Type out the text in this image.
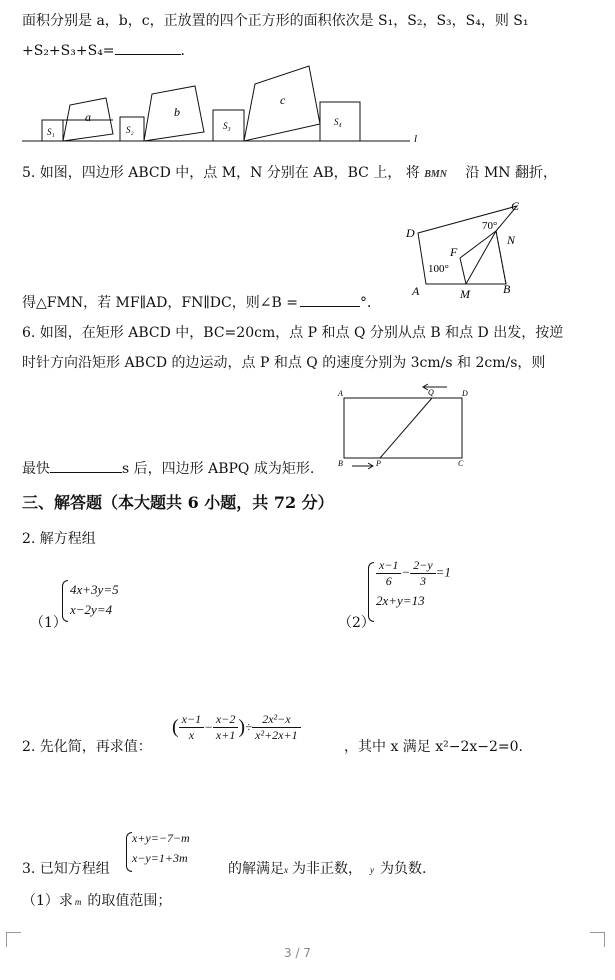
面积分别是 a，b，c，正放置的四个正方形的面积依次是 S₁，S₂，S₃，S₄，则 S₁
+S₂+S₃+S₄=	.
S₁
a
S₂
b
S₃
c
S₄
l
5. 如图，四边形 ABCD 中，点 M，N 分别在 AB，BC 上， 将 BMN 沿 MN 翻折，
D
C
N
F
A	M	B
70°
100°
得△FMN，若 MF∥AD，FN∥DC，则∠B =	°．
6. 如图，在矩形 ABCD 中，BC=20cm，点 P 和点 Q 分别从点 B 和点 D 出发，按逆
时针方向沿矩形 ABCD 的边运动，点 P 和点 Q 的速度分别为 3cm/s 和 2cm/s，则
A	Q	D
B	P	C
最快	s 后，四边形 ABPQ 成为矩形.
三、解答题（本大题共 6 小题，共 72 分）
2. 解方程组
（1）
4x+3y=5
x−2y=4
（2）
$\frac{x-1}{6} - \frac{2-y}{3} =1$
2x+y=13
2. 先化简，再求值：
( $\frac{x-1}{x} - \frac{x-2}{x+1}$ )÷ $\frac{\text{2x²−x}}{\text{x²+2x+1}}$
，其中 x 满足 x²−2x−2=0.
3. 已知方程组
x+y=−7−m
x−y=1+3m
的解满足x 为非正数， y 为负数.
（1）求 m 的取值范围；
3 / 7
